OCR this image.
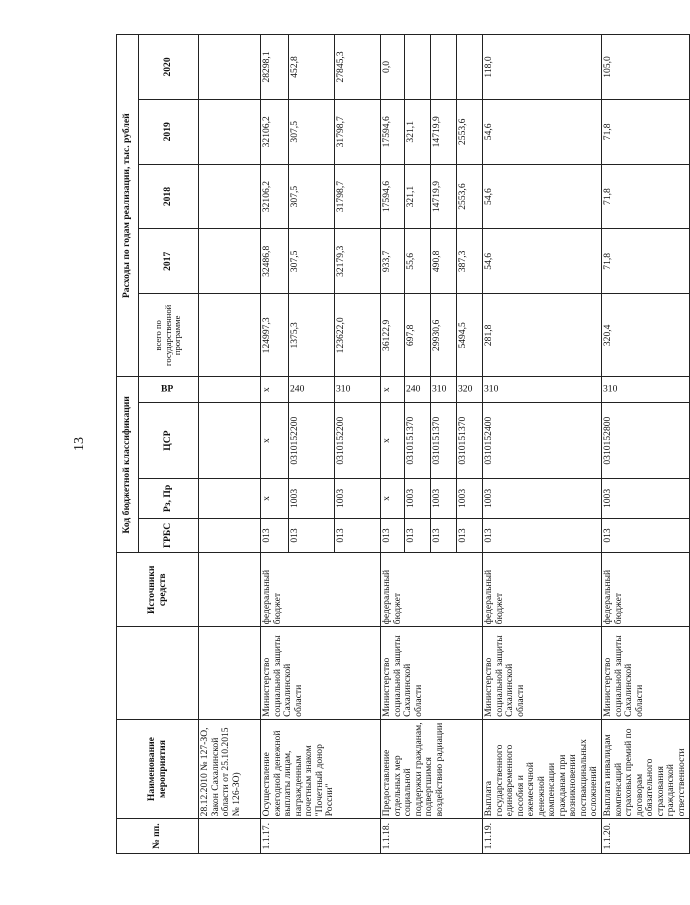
13
№ пп.	Наименование мероприятия		Источники средств	Код бюджетной классификации				Расходы по годам реализации, тыс. рублей				
				ГРБС	Рз, Пр	ЦСР	ВР	всего по государственной программе	2017	2018	2019	2020
	28.12.2010 № 127-ЗО, Закон Сахалинской области от 25.10.2015 № 126-ЗО)											
1.1.17.	Осуществление ежегодной денежной выплаты лицам, награжденным почетным знаком "Почетный донор России"	Министерство социальной защиты Сахалинской области	федеральный бюджет	013	х	х	х	124997,3	32486,8	32106,2	32106,2	28298,1
				013	1003	0310152200	240	1375,3	307,5	307,5	307,5	452,8
				013	1003	0310152200	310	123622,0	32179,3	31798,7	31798,7	27845,3
1.1.18.	Предоставление отдельных мер социальной поддержки гражданам, подвергшимся воздействию радиации	Министерство социальной защиты Сахалинской области	федеральный бюджет	013	х	х	х	36122,9	933,7	17594,6	17594,6	0,0
				013	1003	0310151370	240	697,8	55,6	321,1	321,1	
				013	1003	0310151370	310	29930,6	490,8	14719,9	14719,9	
				013	1003	0310151370	320	5494,5	387,3	2553,6	2553,6	
1.1.19.	Выплата государственного единовременного пособия и ежемесячной денежной компенсации гражданам при возникновении поствакцинальных осложнений	Министерство социальной защиты Сахалинской области	федеральный бюджет	013	1003	0310152400	310	281,8	54,6	54,6	54,6	118,0
1.1.20.	Выплата инвалидам компенсаций страховых премий по договорам обязательного страхования гражданской ответственности	Министерство социальной защиты Сахалинской области	федеральный бюджет	013	1003	0310152800	310	320,4	71,8	71,8	71,8	105,0
